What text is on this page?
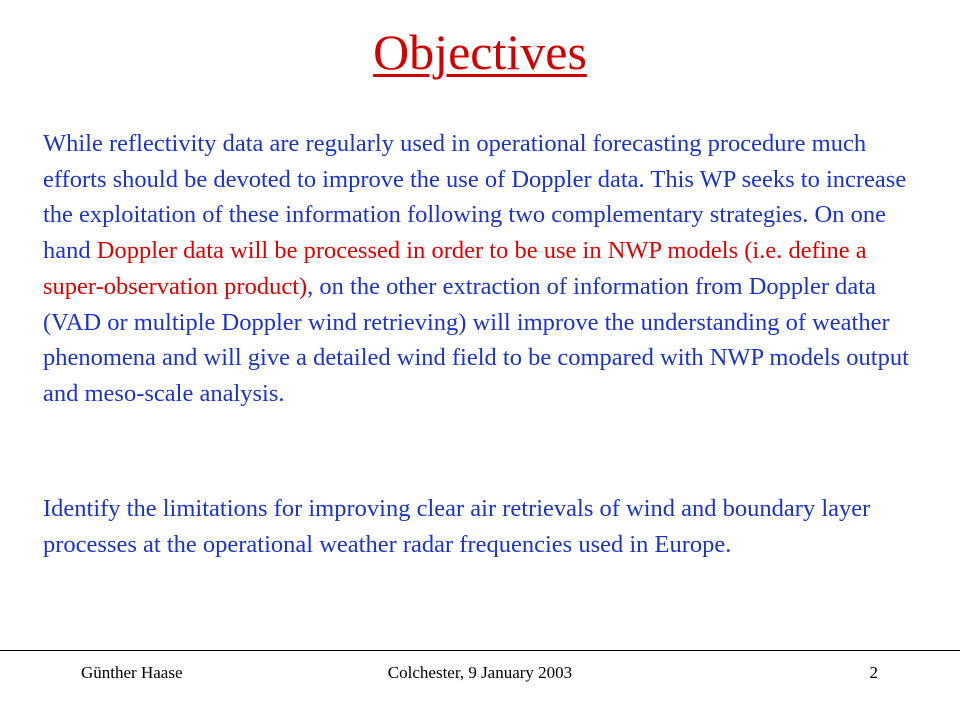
Objectives

While reflectivity data are regularly used in operational forecasting procedure much efforts should be devoted to improve the use of Doppler data. This WP seeks to increase the exploitation of these information following two complementary strategies. On one hand Doppler data will be processed in order to be use in NWP models (i.e. define a super-observation product), on the other extraction of information from Doppler data (VAD or multiple Doppler wind retrieving) will improve the understanding of weather phenomena and will give a detailed wind field to be compared with NWP models output and meso-scale analysis.

Identify the limitations for improving clear air retrievals of wind and boundary layer processes at the operational weather radar frequencies used in Europe.

Günther Haase	Colchester, 9 January 2003	2
